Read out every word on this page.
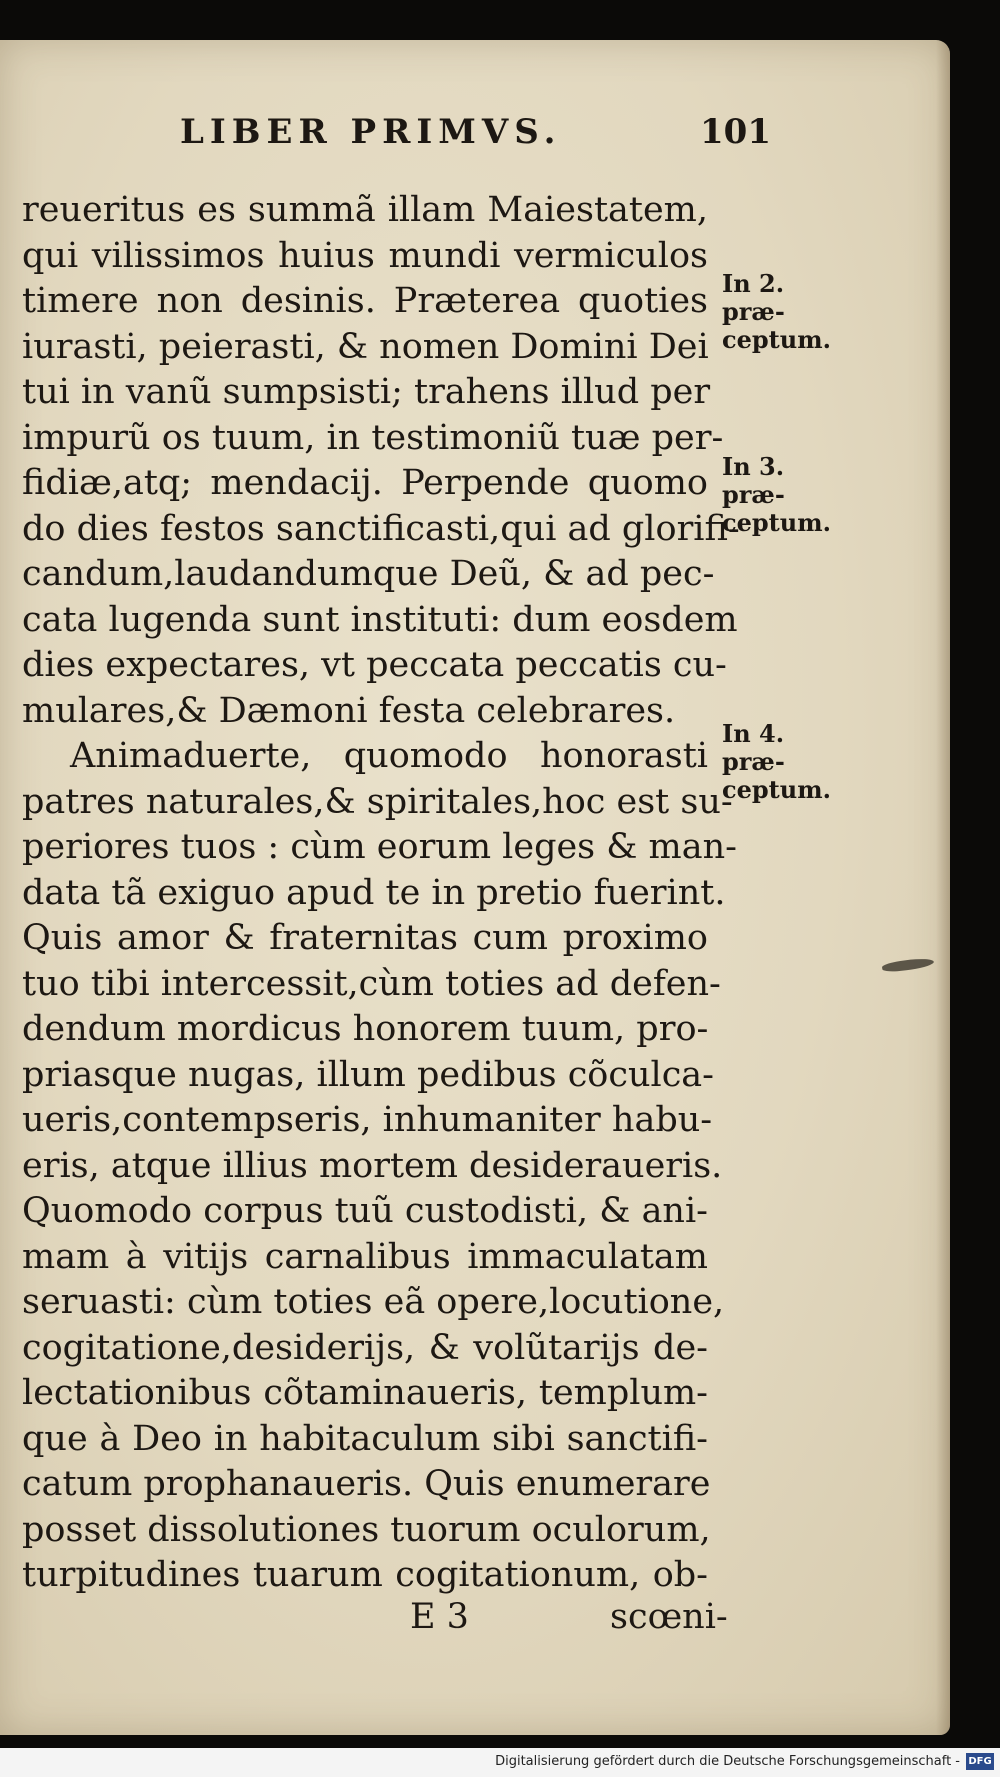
LIBER PRIMVS.	101
reueritus es summã illam Maiestatem,
qui vilissimos huius mundi vermiculos
timere non desinis. Præterea quoties
iurasti, peierasti, & nomen Domini Dei
tui in vanũ sumpsisti; trahens illud per
impurũ os tuum, in testimoniũ tuæ per-
fidiæ,atq; mendacij. Perpende quomo
do dies festos sanctificasti,qui ad glorifi-
candum,laudandumque Deũ, & ad pec-
cata lugenda sunt instituti: dum eosdem
dies expectares, vt peccata peccatis cu-
mulares,& Dæmoni festa celebrares.
Animaduerte, quomodo honorasti
patres naturales,& spiritales,hoc est su-
periores tuos : cùm eorum leges & man-
data tã exiguo apud te in pretio fuerint.
Quis amor & fraternitas cum proximo
tuo tibi intercessit,cùm toties ad defen-
dendum mordicus honorem tuum, pro-
priasque nugas, illum pedibus cõculca-
ueris,contempseris, inhumaniter habu-
eris, atque illius mortem desideraueris.
Quomodo corpus tuũ custodisti, & ani-
mam à vitijs carnalibus immaculatam
seruasti: cùm toties eã opere,locutione,
cogitatione,desiderijs, & volũtarijs de-
lectationibus cõtaminaueris, templum-
que à Deo in habitaculum sibi sanctifi-
catum prophanaueris. Quis enumerare
posset dissolutiones tuorum oculorum,
turpitudines tuarum cogitationum, ob-
In 2. præ-
ceptum.
In 3. præ-
ceptum.
In 4. præ-
ceptum.
E 3	scœni-
Digitalisierung gefördert durch die Deutsche Forschungsgemeinschaft - DFG
